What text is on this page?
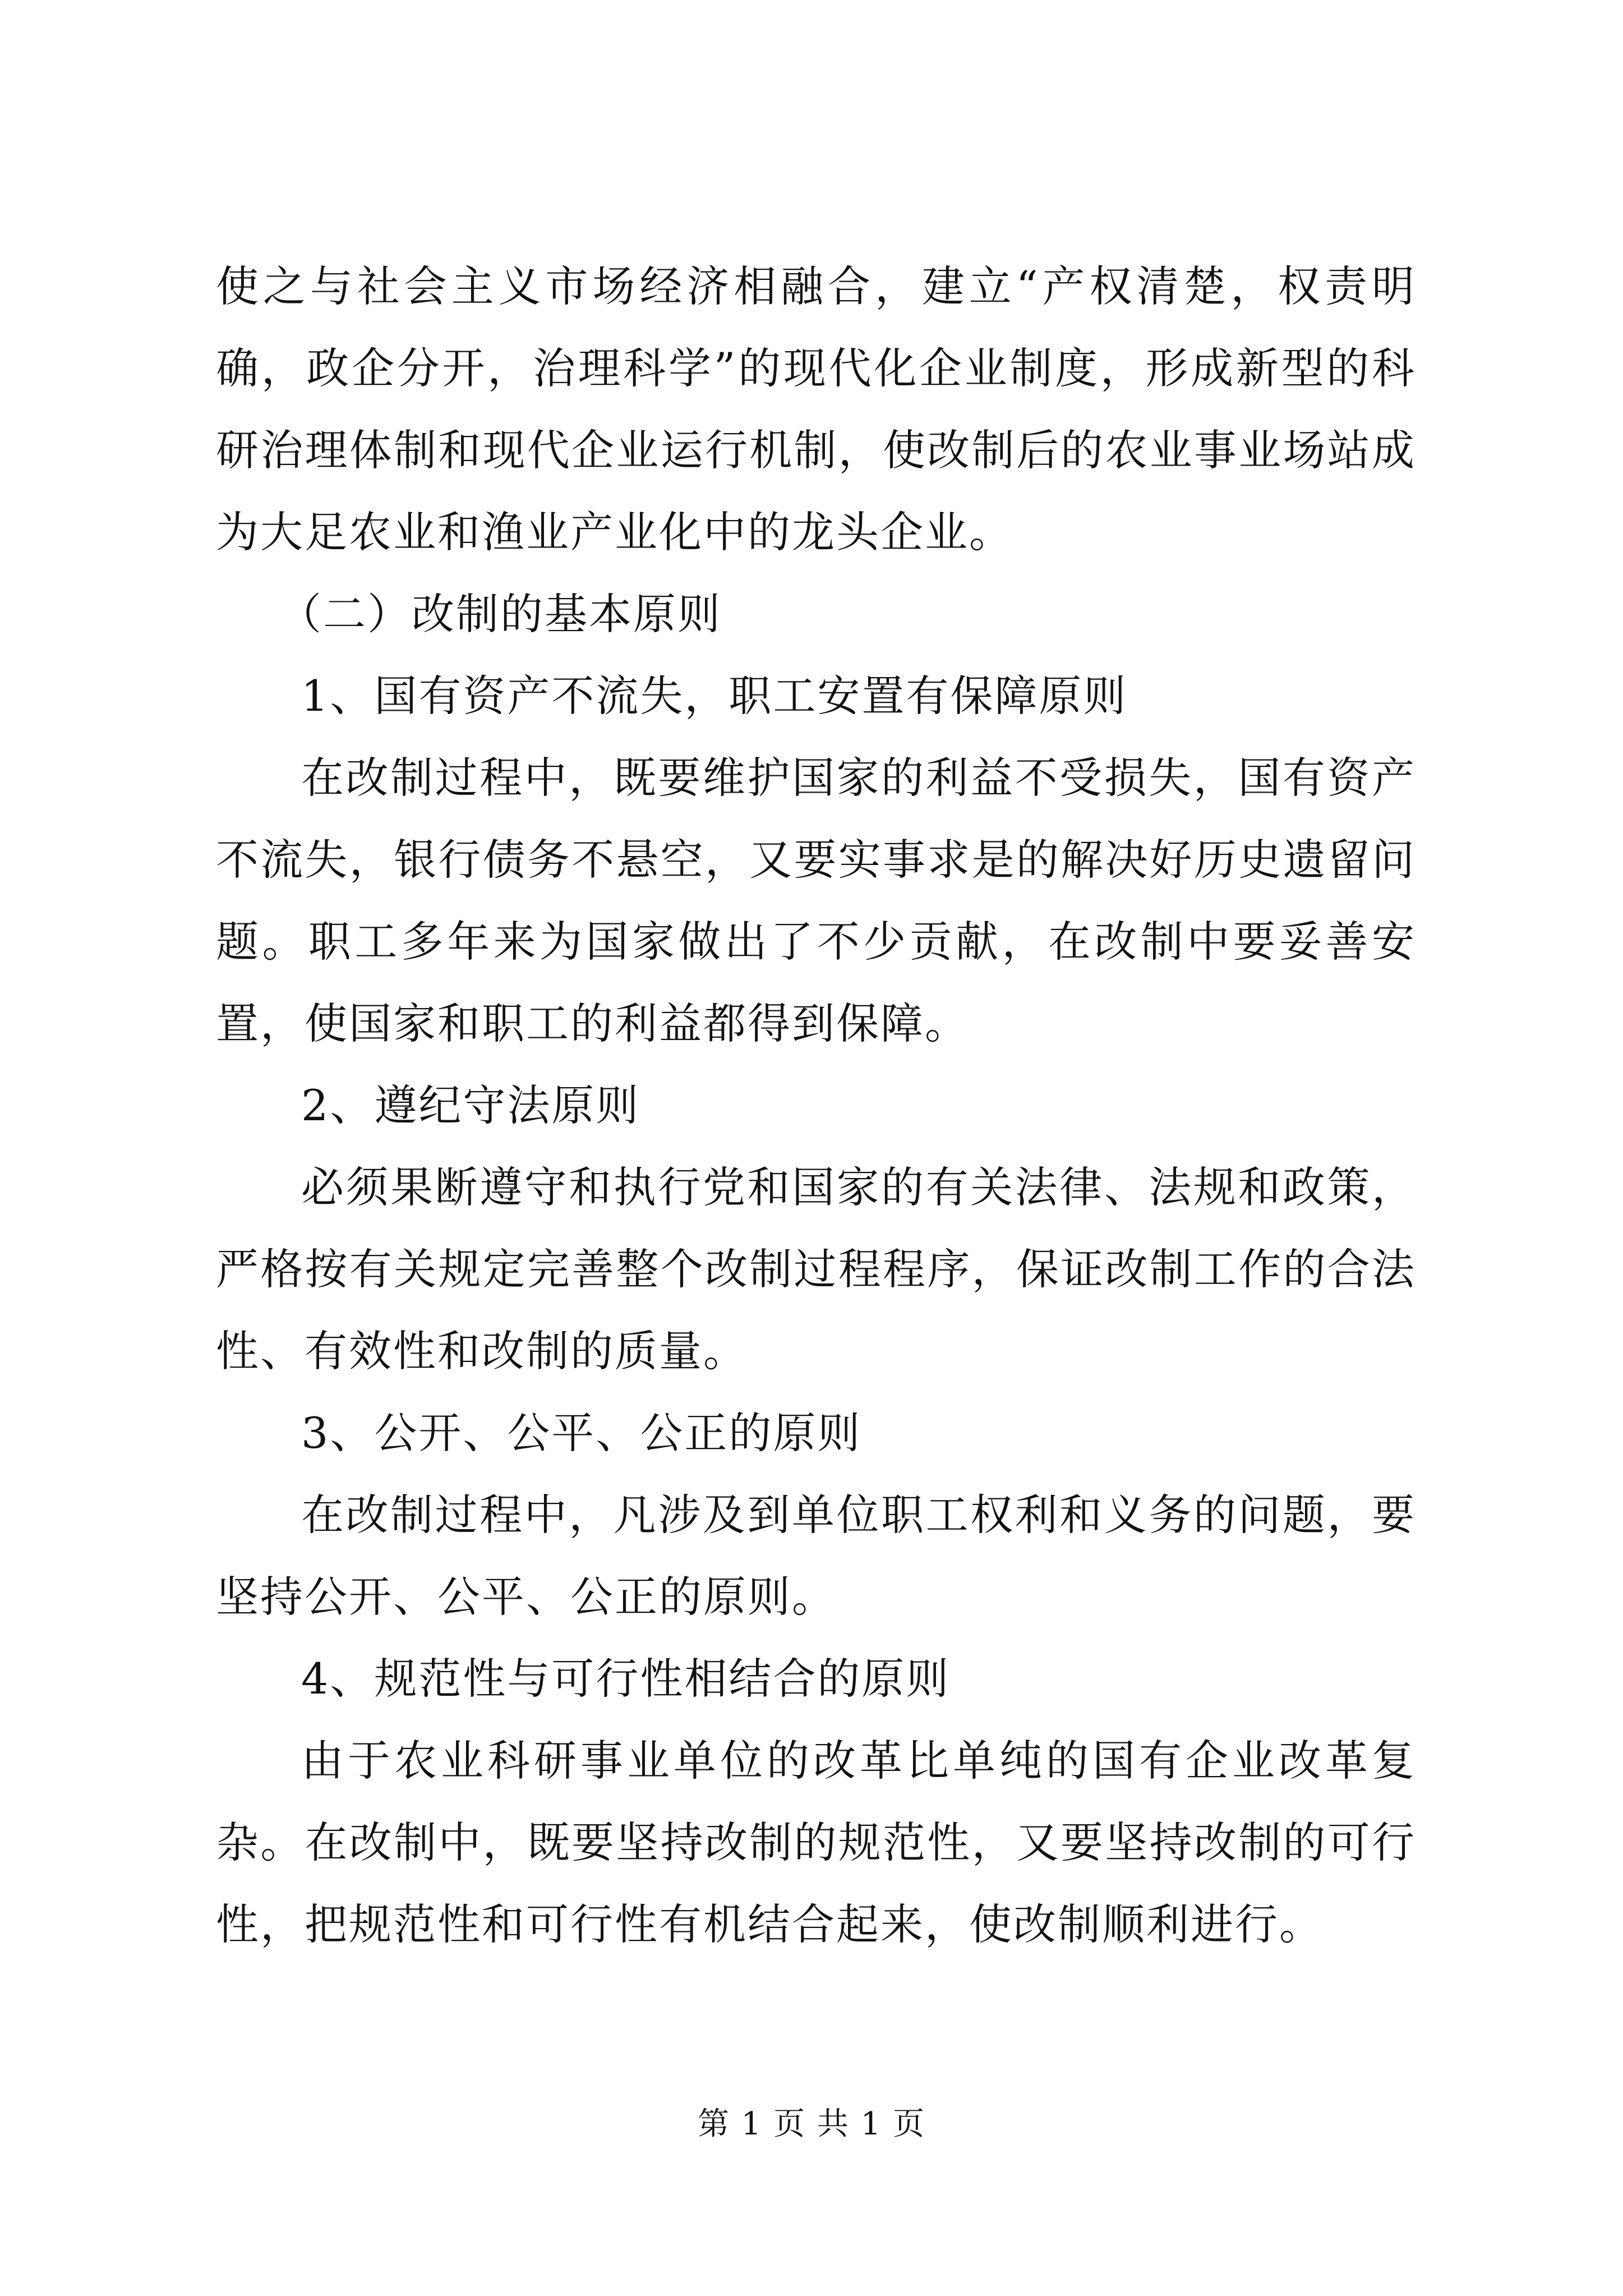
使之与社会主义市场经济相融合，建立“产权清楚，权责明确，政企分开，治理科学”的现代化企业制度，形成新型的科研治理体制和现代企业运行机制，使改制后的农业事业场站成为大足农业和渔业产业化中的龙头企业。

（二）改制的基本原则

1、国有资产不流失，职工安置有保障原则

在改制过程中，既要维护国家的利益不受损失，国有资产不流失，银行债务不悬空，又要实事求是的解决好历史遗留问题。职工多年来为国家做出了不少贡献，在改制中要妥善安置，使国家和职工的利益都得到保障。

2、遵纪守法原则

必须果断遵守和执行党和国家的有关法律、法规和政策，严格按有关规定完善整个改制过程程序，保证改制工作的合法性、有效性和改制的质量。

3、公开、公平、公正的原则

在改制过程中，凡涉及到单位职工权利和义务的问题，要坚持公开、公平、公正的原则。

4、规范性与可行性相结合的原则

由于农业科研事业单位的改革比单纯的国有企业改革复杂。在改制中，既要坚持改制的规范性，又要坚持改制的可行性，把规范性和可行性有机结合起来，使改制顺利进行。

第 1 页 共 1 页
